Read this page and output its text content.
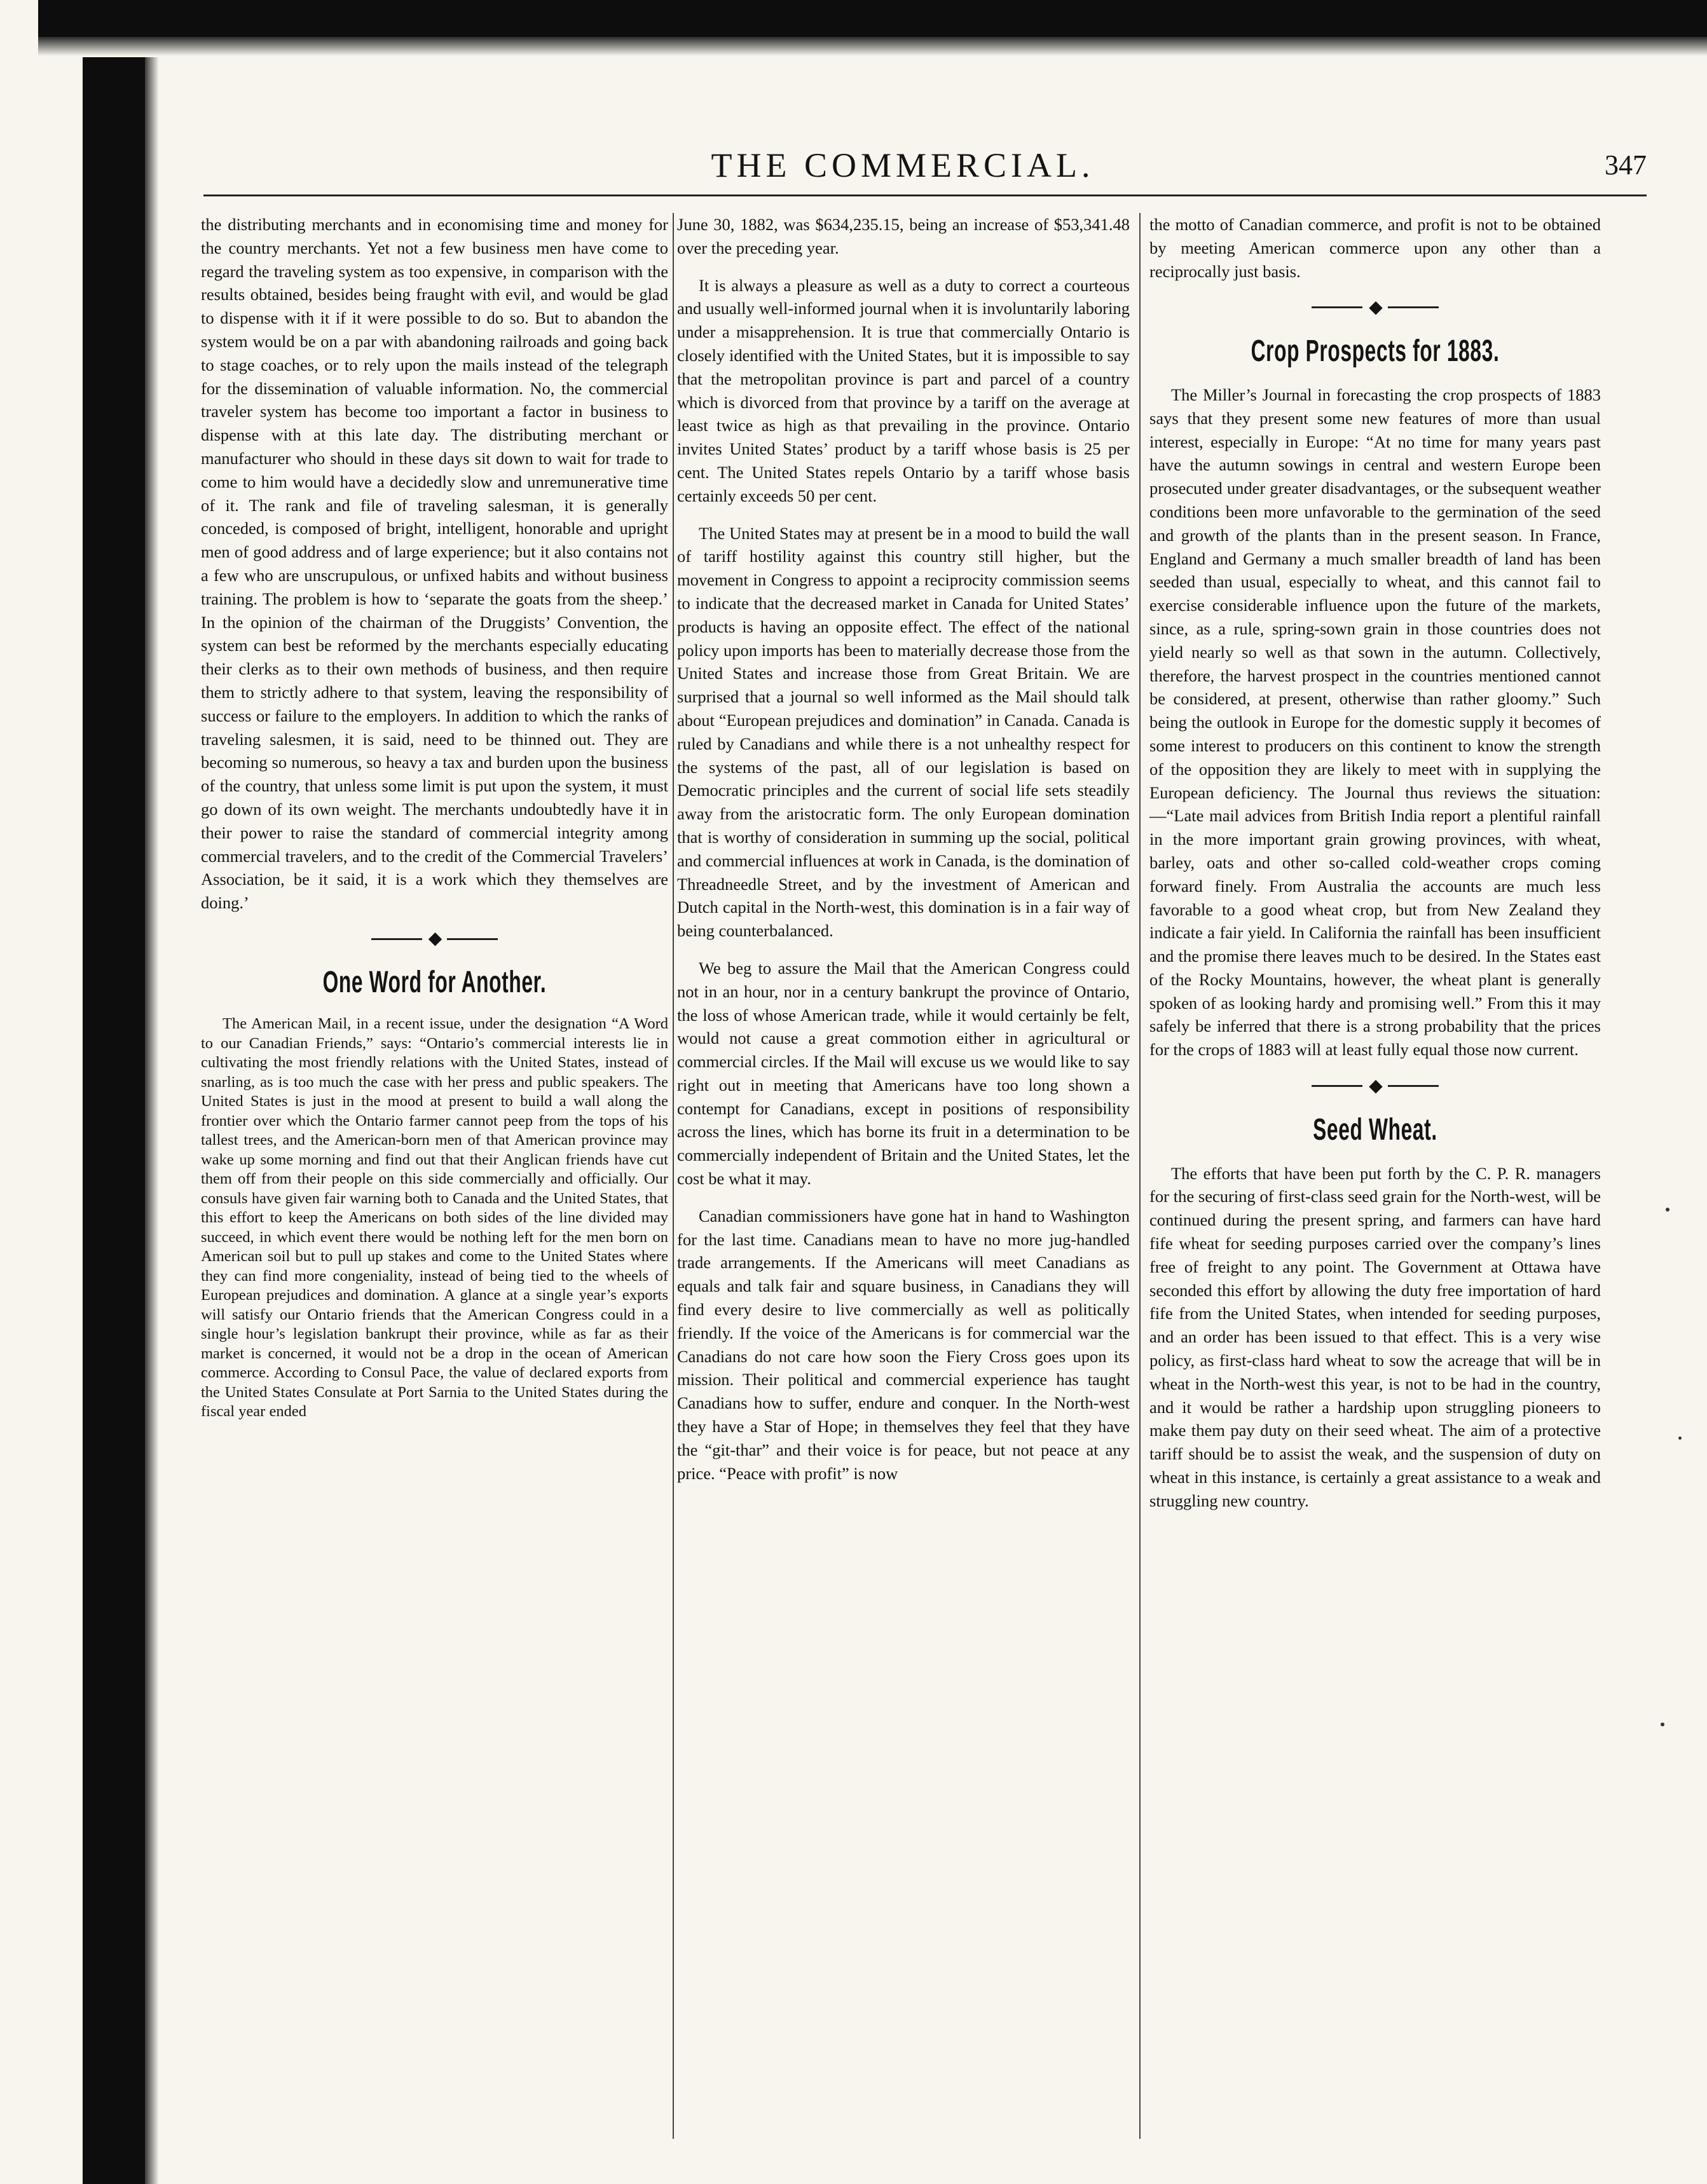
THE COMMERCIAL.	347

the distributing merchants and in economising time and money for the country merchants. Yet not a few business men have come to regard the traveling system as too expensive, in comparison with the results obtained, besides being fraught with evil, and would be glad to dispense with it if it were possible to do so. But to abandon the system would be on a par with abandoning railroads and going back to stage coaches, or to rely upon the mails instead of the telegraph for the dissemination of valuable information. No, the commercial traveler system has become too important a factor in business to dispense with at this late day. The distributing merchant or manufacturer who should in these days sit down to wait for trade to come to him would have a decidedly slow and unremunerative time of it. The rank and file of traveling salesman, it is generally conceded, is composed of bright, intelligent, honorable and upright men of good address and of large experience; but it also contains not a few who are unscrupulous, or unfixed habits and without business training. The problem is how to ‘separate the goats from the sheep.’ In the opinion of the chairman of the Druggists’ Convention, the system can best be reformed by the merchants especially educating their clerks as to their own methods of business, and then require them to strictly adhere to that system, leaving the responsibility of success or failure to the employers. In addition to which the ranks of traveling salesmen, it is said, need to be thinned out. They are becoming so numerous, so heavy a tax and burden upon the business of the country, that unless some limit is put upon the system, it must go down of its own weight. The merchants undoubtedly have it in their power to raise the standard of commercial integrity among commercial travelers, and to the credit of the Commercial Travelers’ Association, be it said, it is a work which they themselves are doing.’

◆
One Word for Another.

The American Mail, in a recent issue, under the designation “A Word to our Canadian Friends,” says: “Ontario’s commercial interests lie in cultivating the most friendly relations with the United States, instead of snarling, as is too much the case with her press and public speakers. The United States is just in the mood at present to build a wall along the frontier over which the Ontario farmer cannot peep from the tops of his tallest trees, and the American-born men of that American province may wake up some morning and find out that their Anglican friends have cut them off from their people on this side commercially and officially. Our consuls have given fair warning both to Canada and the United States, that this effort to keep the Americans on both sides of the line divided may succeed, in which event there would be nothing left for the men born on American soil but to pull up stakes and come to the United States where they can find more congeniality, instead of being tied to the wheels of European prejudices and domination. A glance at a single year’s exports will satisfy our Ontario friends that the American Congress could in a single hour’s legislation bankrupt their province, while as far as their market is concerned, it would not be a drop in the ocean of American commerce. According to Consul Pace, the value of declared exports from the United States Consulate at Port Sarnia to the United States during the fiscal year ended

June 30, 1882, was $634,235.15, being an increase of $53,341.48 over the preceding year.

It is always a pleasure as well as a duty to correct a courteous and usually well-informed journal when it is involuntarily laboring under a misapprehension. It is true that commercially Ontario is closely identified with the United States, but it is impossible to say that the metropolitan province is part and parcel of a country which is divorced from that province by a tariff on the average at least twice as high as that prevailing in the province. Ontario invites United States’ product by a tariff whose basis is 25 per cent. The United States repels Ontario by a tariff whose basis certainly exceeds 50 per cent.

The United States may at present be in a mood to build the wall of tariff hostility against this country still higher, but the movement in Congress to appoint a reciprocity commission seems to indicate that the decreased market in Canada for United States’ products is having an opposite effect. The effect of the national policy upon imports has been to materially decrease those from the United States and increase those from Great Britain. We are surprised that a journal so well informed as the Mail should talk about “European prejudices and domination” in Canada. Canada is ruled by Canadians and while there is a not unhealthy respect for the systems of the past, all of our legislation is based on Democratic principles and the current of social life sets steadily away from the aristocratic form. The only European domination that is worthy of consideration in summing up the social, political and commercial influences at work in Canada, is the domination of Threadneedle Street, and by the investment of American and Dutch capital in the North-west, this domination is in a fair way of being counterbalanced.

We beg to assure the Mail that the American Congress could not in an hour, nor in a century bankrupt the province of Ontario, the loss of whose American trade, while it would certainly be felt, would not cause a great commotion either in agricultural or commercial circles. If the Mail will excuse us we would like to say right out in meeting that Americans have too long shown a contempt for Canadians, except in positions of responsibility across the lines, which has borne its fruit in a determination to be commercially independent of Britain and the United States, let the cost be what it may.

Canadian commissioners have gone hat in hand to Washington for the last time. Canadians mean to have no more jug-handled trade arrangements. If the Americans will meet Canadians as equals and talk fair and square business, in Canadians they will find every desire to live commercially as well as politically friendly. If the voice of the Americans is for commercial war the Canadians do not care how soon the Fiery Cross goes upon its mission. Their political and commercial experience has taught Canadians how to suffer, endure and conquer. In the North-west they have a Star of Hope; in themselves they feel that they have the “git-thar” and their voice is for peace, but not peace at any price. “Peace with profit” is now

the motto of Canadian commerce, and profit is not to be obtained by meeting American commerce upon any other than a reciprocally just basis.

◆
Crop Prospects for 1883.

The Miller’s Journal in forecasting the crop prospects of 1883 says that they present some new features of more than usual interest, especially in Europe: “At no time for many years past have the autumn sowings in central and western Europe been prosecuted under greater disadvantages, or the subsequent weather conditions been more unfavorable to the germination of the seed and growth of the plants than in the present season. In France, England and Germany a much smaller breadth of land has been seeded than usual, especially to wheat, and this cannot fail to exercise considerable influence upon the future of the markets, since, as a rule, spring-sown grain in those countries does not yield nearly so well as that sown in the autumn. Collectively, therefore, the harvest prospect in the countries mentioned cannot be considered, at present, otherwise than rather gloomy.” Such being the outlook in Europe for the domestic supply it becomes of some interest to producers on this continent to know the strength of the opposition they are likely to meet with in supplying the European deficiency. The Journal thus reviews the situation:—“Late mail advices from British India report a plentiful rainfall in the more important grain growing provinces, with wheat, barley, oats and other so-called cold-weather crops coming forward finely. From Australia the accounts are much less favorable to a good wheat crop, but from New Zealand they indicate a fair yield. In California the rainfall has been insufficient and the promise there leaves much to be desired. In the States east of the Rocky Mountains, however, the wheat plant is generally spoken of as looking hardy and promising well.” From this it may safely be inferred that there is a strong probability that the prices for the crops of 1883 will at least fully equal those now current.

◆
Seed Wheat.

The efforts that have been put forth by the C. P. R. managers for the securing of first-class seed grain for the North-west, will be continued during the present spring, and farmers can have hard fife wheat for seeding purposes carried over the company’s lines free of freight to any point. The Government at Ottawa have seconded this effort by allowing the duty free importation of hard fife from the United States, when intended for seeding purposes, and an order has been issued to that effect. This is a very wise policy, as first-class hard wheat to sow the acreage that will be in wheat in the North-west this year, is not to be had in the country, and it would be rather a hardship upon struggling pioneers to make them pay duty on their seed wheat. The aim of a protective tariff should be to assist the weak, and the suspension of duty on wheat in this instance, is certainly a great assistance to a weak and struggling new country.
